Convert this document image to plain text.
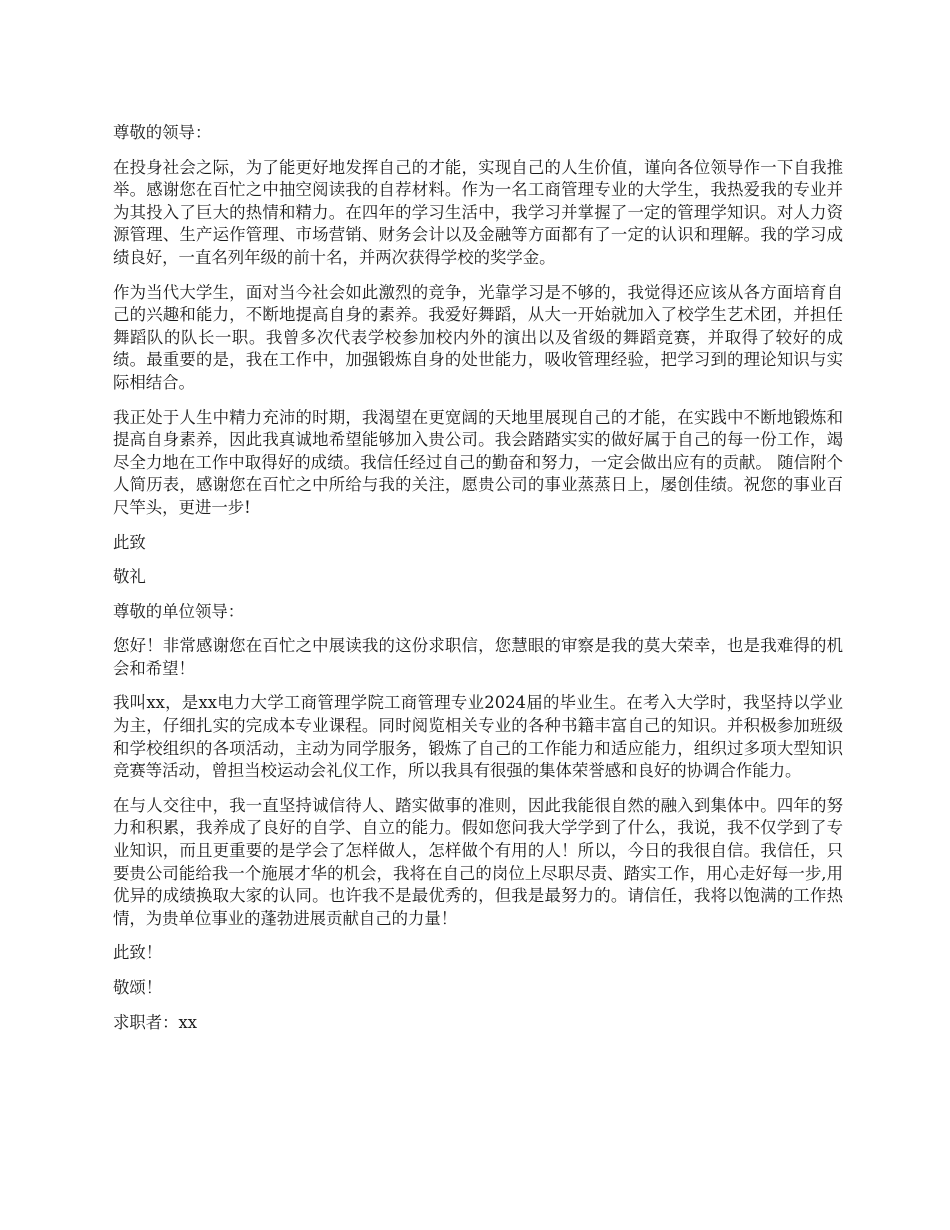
尊敬的领导：

在投身社会之际，为了能更好地发挥自己的才能，实现自己的人生价值，谨向各位领导作一下自我推举。感谢您在百忙之中抽空阅读我的自荐材料。作为一名工商管理专业的大学生，我热爱我的专业并为其投入了巨大的热情和精力。在四年的学习生活中，我学习并掌握了一定的管理学知识。对人力资源管理、生产运作管理、市场营销、财务会计以及金融等方面都有了一定的认识和理解。我的学习成绩良好，一直名列年级的前十名，并两次获得学校的奖学金。

作为当代大学生，面对当今社会如此激烈的竞争，光靠学习是不够的，我觉得还应该从各方面培育自己的兴趣和能力，不断地提高自身的素养。我爱好舞蹈，从大一开始就加入了校学生艺术团，并担任舞蹈队的队长一职。我曾多次代表学校参加校内外的演出以及省级的舞蹈竞赛，并取得了较好的成绩。最重要的是，我在工作中，加强锻炼自身的处世能力，吸收管理经验，把学习到的理论知识与实际相结合。

我正处于人生中精力充沛的时期，我渴望在更宽阔的天地里展现自己的才能，在实践中不断地锻炼和提高自身素养，因此我真诚地希望能够加入贵公司。我会踏踏实实的做好属于自己的每一份工作，竭尽全力地在工作中取得好的成绩。我信任经过自己的勤奋和努力，一定会做出应有的贡献。 随信附个人简历表，感谢您在百忙之中所给与我的关注，愿贵公司的事业蒸蒸日上，屡创佳绩。祝您的事业百尺竿头，更进一步!

此致

敬礼

尊敬的单位领导：

您好！非常感谢您在百忙之中展读我的这份求职信，您慧眼的审察是我的莫大荣幸，也是我难得的机会和希望！

我叫xx，是xx电力大学工商管理学院工商管理专业2024届的毕业生。在考入大学时，我坚持以学业为主，仔细扎实的完成本专业课程。同时阅览相关专业的各种书籍丰富自己的知识。并积极参加班级和学校组织的各项活动，主动为同学服务，锻炼了自己的工作能力和适应能力，组织过多项大型知识竞赛等活动，曾担当校运动会礼仪工作，所以我具有很强的集体荣誉感和良好的协调合作能力。

在与人交往中，我一直坚持诚信待人、踏实做事的准则，因此我能很自然的融入到集体中。四年的努力和积累，我养成了良好的自学、自立的能力。假如您问我大学学到了什么，我说，我不仅学到了专业知识，而且更重要的是学会了怎样做人，怎样做个有用的人！所以，今日的我很自信。我信任，只要贵公司能给我一个施展才华的机会，我将在自己的岗位上尽职尽责、踏实工作，用心走好每一步,用优异的成绩换取大家的认同。也许我不是最优秀的，但我是最努力的。请信任，我将以饱满的工作热情，为贵单位事业的蓬勃进展贡献自己的力量！

此致！

敬颂！

求职者：xx
